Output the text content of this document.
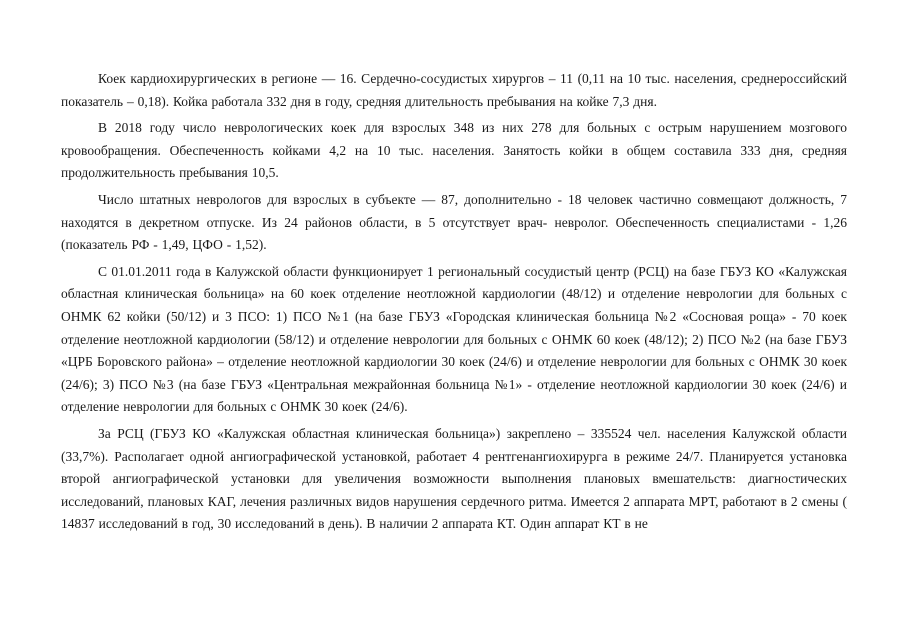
Коек кардиохирургических в регионе — 16. Сердечно-сосудистых хирургов – 11 (0,11 на 10 тыс. населения, среднероссийский показатель – 0,18). Койка работала 332 дня в году, средняя длительность пребывания на койке 7,3 дня.

В 2018 году число неврологических коек для взрослых 348 из них 278 для больных с острым нарушением мозгового кровообращения. Обеспеченность койками 4,2 на 10 тыс. населения. Занятость койки в общем составила 333 дня, средняя продолжительность пребывания 10,5.

Число штатных неврологов для взрослых в субъекте — 87, дополнительно - 18 человек частично совмещают должность, 7 находятся в декретном отпуске. Из 24 районов области, в 5 отсутствует врач- невролог. Обеспеченность специалистами - 1,26 (показатель РФ - 1,49, ЦФО - 1,52).

С 01.01.2011 года в Калужской области функционирует 1 региональный сосудистый центр (РСЦ) на базе ГБУЗ КО «Калужская областная клиническая больница» на 60 коек отделение неотложной кардиологии (48/12) и отделение неврологии для больных с ОНМК 62 койки (50/12) и 3 ПСО: 1) ПСО №1 (на базе ГБУЗ «Городская клиническая больница №2 «Сосновая роща» - 70 коек отделение неотложной кардиологии (58/12) и отделение неврологии для больных с ОНМК 60 коек (48/12); 2) ПСО №2 (на базе ГБУЗ «ЦРБ Боровского района» – отделение неотложной кардиологии 30 коек (24/6) и отделение неврологии для больных с ОНМК 30 коек (24/6); 3) ПСО №3 (на базе ГБУЗ «Центральная межрайонная больница №1» - отделение неотложной кардиологии 30 коек (24/6) и отделение неврологии для больных с ОНМК 30 коек (24/6).

За РСЦ (ГБУЗ КО «Калужская областная клиническая больница») закреплено – 335524 чел. населения Калужской области (33,7%). Располагает одной ангиографической установкой, работает 4 рентгенангиохирурга в режиме 24/7. Планируется установка второй ангиографической установки для увеличения возможности выполнения плановых вмешательств: диагностических исследований, плановых КАГ, лечения различных видов нарушения сердечного ритма. Имеется 2 аппарата МРТ, работают в 2 смены ( 14837 исследований в год, 30 исследований в день). В наличии 2 аппарата КТ. Один аппарат КТ в не
